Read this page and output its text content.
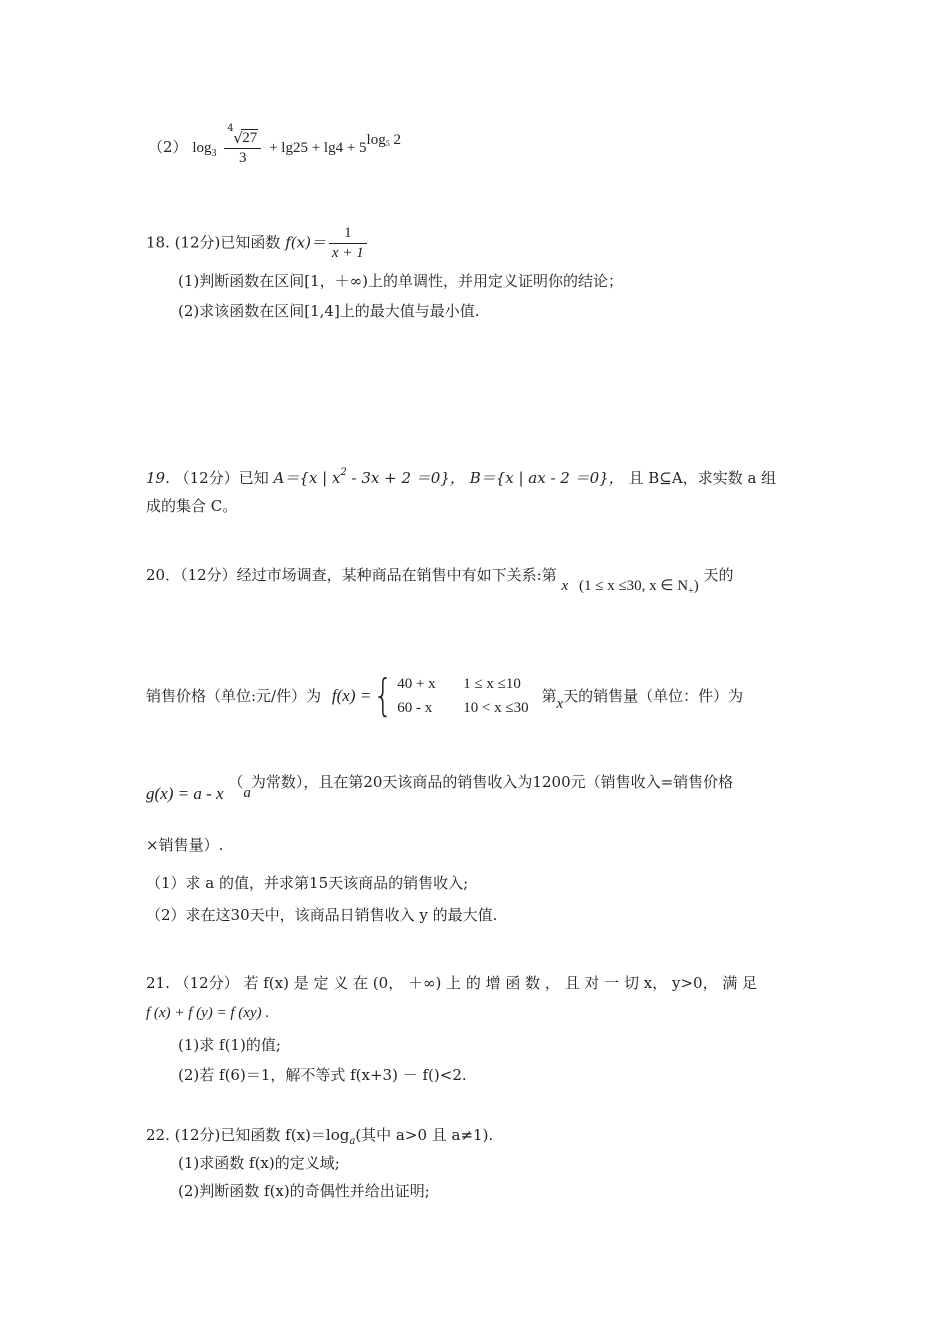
（2） $\log_3 4$
√ 27
3 + lg25 + lg4 + 5log5 2
18. (12分)已知函数 $f(x)= \frac{1}{x + 1}$
(1)判断函数在区间[1，＋∞)上的单调性，并用定义证明你的结论；
(2)求该函数在区间[1,4]上的最大值与最小值.
19. （12分）已知 A＝{x | $x^2 - 3x + 2 =0$}， B＝{x | ax - 2 ＝0}， 且 B⊆A，求实数 a 组
成的集合 C。
20．（12分）经过市场调查，某种商品在销售中有如下关系:第 x (1 ≤ x ≤30, x ∈ $N_+$) 天的
销售价格（单位:元/件）为 f(x) ={ 40 + x 1 ≤ x ≤10
60 - x 10 < x ≤30
第x天的销售量（单位：件）为
g(x) = a - x （a为常数），且在第20天该商品的销售收入为1200元（销售收入=销售价格
×销售量）.
（1）求 a 的值，并求第15天该商品的销售收入;
（2）求在这30天中，该商品日销售收入 y 的最大值.
21. （12分） 若 f(x) 是 定 义 在 (0， ＋∞) 上 的 增 函 数 ， 且 对 一 切 x， y>0， 满 足
f (x) + f (y) = f (xy) .
(1)求 f(1)的值;
(2)若 f(6)＝1，解不等式 f(x+3) － f()<2.
22. (12分)已知函数 $f(x)=\log_a$(其中 a>0 且 a≠1).
(1)求函数 f(x)的定义域;
(2)判断函数 f(x)的奇偶性并给出证明;
